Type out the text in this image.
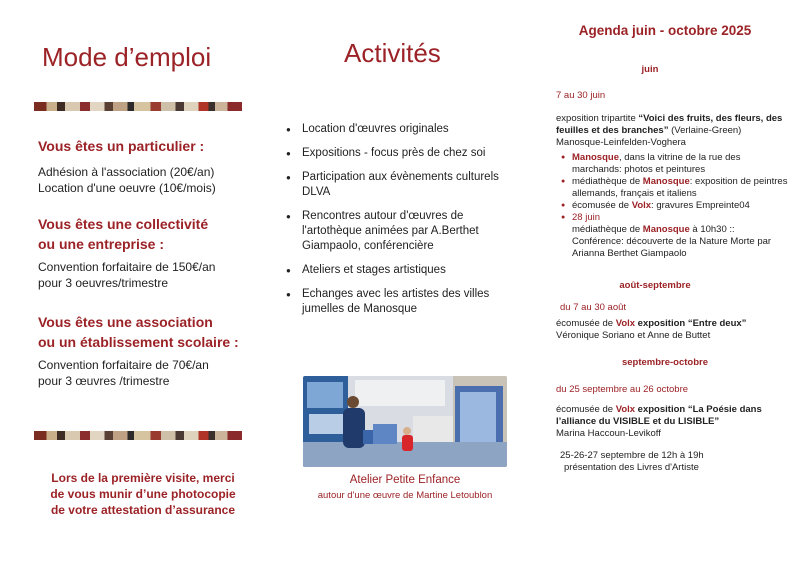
Mode d’emploi
Vous êtes un particulier :
Adhésion à l'association (20€/an)
Location d'une oeuvre (10€/mois)
Vous êtes une collectivité
ou une entreprise :
Convention forfaitaire de 150€/an
pour 3 oeuvres/trimestre
Vous êtes une association
ou un établissement scolaire :
Convention forfaitaire de 70€/an
pour 3 œuvres /trimestre
Lors de la première visite, merci
de vous munir d’une photocopie
de votre attestation d’assurance
Activités
● Location d'œuvres originales
● Expositions - focus près de chez soi
● Participation aux évènements culturels DLVA
● Rencontres autour d'œuvres de l'artothèque animées par A.Berthet Giampaolo, conférencière
● Ateliers et stages artistiques
● Echanges avec les artistes des villes jumelles de Manosque
Atelier Petite Enfance
autour d'une œuvre de Martine Letoublon
Agenda juin - octobre 2025
juin
7 au 30 juin
exposition tripartite “Voici des fruits, des fleurs, des feuilles et des branches” (Verlaine-Green) Manosque-Leinfelden-Voghera
● Manosque, dans la vitrine de la rue des marchands: photos et peintures
● médiathèque de Manosque: exposition de peintres allemands, français et italiens
● écomusée de Volx: gravures Empreinte04
● 28 juin
médiathèque de Manosque à 10h30 :: Conférence: découverte de la Nature Morte par Arianna Berthet Giampaolo
août-septembre
du 7 au 30 août
écomusée de Volx exposition “Entre deux”
Véronique Soriano et Anne de Buttet
septembre-octobre
du 25 septembre au 26 octobre
écomusée de Volx exposition “La Poésie dans l’alliance du VISIBLE et du LISIBLE”
Marina Haccoun-Levikoff
25-26-27 septembre de 12h à 19h
présentation des Livres d'Artiste
